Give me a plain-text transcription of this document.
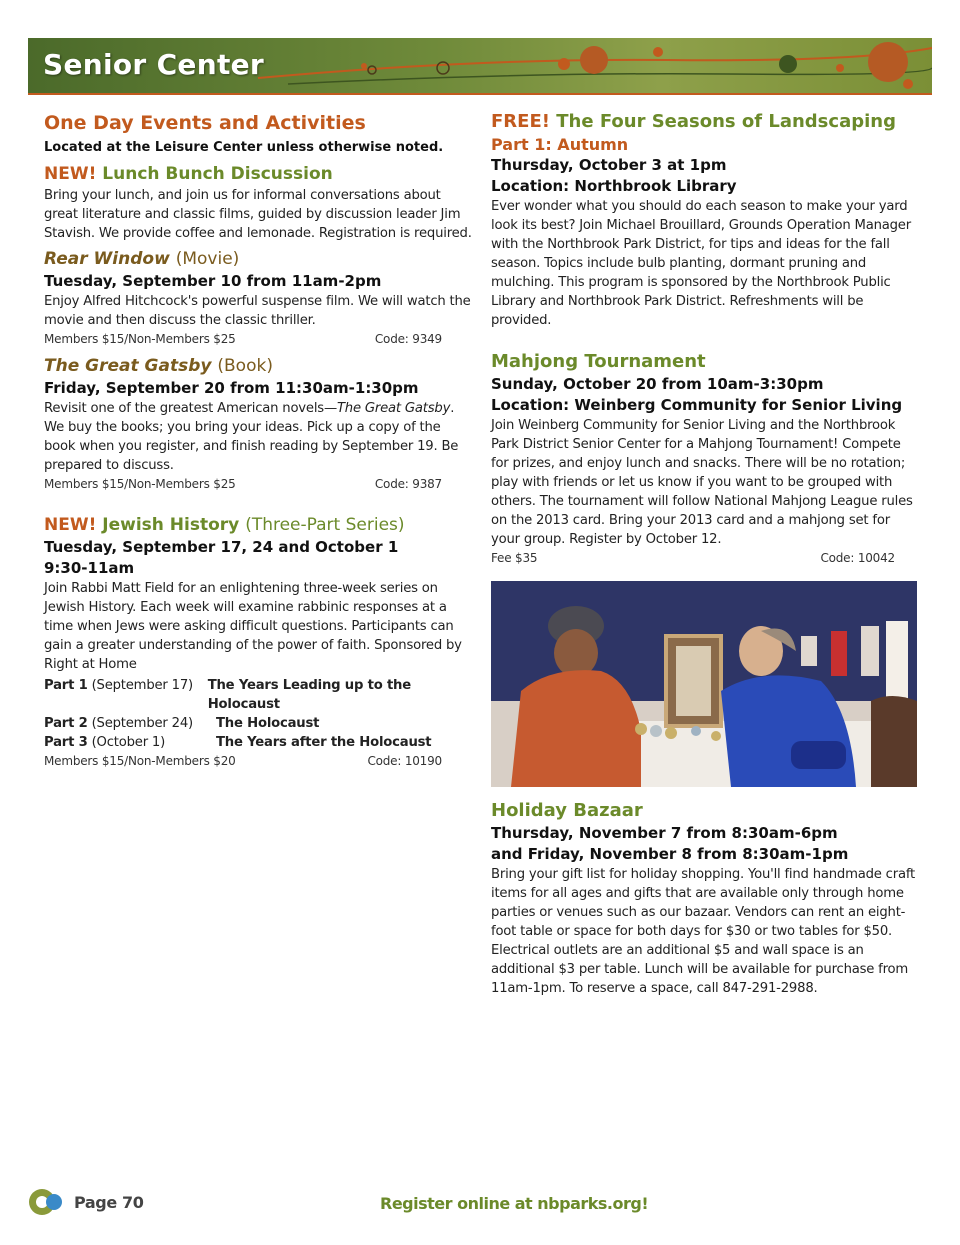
Senior Center
One Day Events and Activities
Located at the Leisure Center unless otherwise noted.
NEW! Lunch Bunch Discussion

Bring your lunch, and join us for informal conversations about great literature and classic films, guided by discussion leader Jim Stavish. We provide coffee and lemonade. Registration is required.

Rear Window (Movie)
Tuesday, September 10 from 11am-2pm

Enjoy Alfred Hitchcock's powerful suspense film. We will watch the movie and then discuss the classic thriller.

Members $15/Non-Members $25	Code: 9349
The Great Gatsby (Book)
Friday, September 20 from 11:30am-1:30pm

Revisit one of the greatest American novels—The Great Gatsby. We buy the books; you bring your ideas. Pick up a copy of the book when you register, and finish reading by September 19. Be prepared to discuss.

Members $15/Non-Members $25	Code: 9387
NEW! Jewish History (Three-Part Series)
Tuesday, September 17, 24 and October 1
9:30-11am

Join Rabbi Matt Field for an enlightening three-week series on Jewish History. Each week will examine rabbinic responses at a time when Jews were asking difficult questions. Participants can gain a greater understanding of the power of faith. Sponsored by Right at Home

Part 1 (September 17)	The Years Leading up to the Holocaust
Part 2 (September 24)	The Holocaust
Part 3 (October 1)	The Years after the Holocaust
Members $15/Non-Members $20	Code: 10190
FREE! The Four Seasons of Landscaping
Part 1: Autumn
Thursday, October 3 at 1pm
Location: Northbrook Library

Ever wonder what you should do each season to make your yard look its best? Join Michael Brouillard, Grounds Operation Manager with the Northbrook Park District, for tips and ideas for the fall season. Topics include bulb planting, dormant pruning and mulching. This program is sponsored by the Northbrook Public Library and Northbrook Park District. Refreshments will be provided.

Mahjong Tournament
Sunday, October 20 from 10am-3:30pm
Location: Weinberg Community for Senior Living

Join Weinberg Community for Senior Living and the Northbrook Park District Senior Center for a Mahjong Tournament! Compete for prizes, and enjoy lunch and snacks. There will be no rotation; play with friends or let us know if you want to be grouped with others. The tournament will follow National Mahjong League rules on the 2013 card. Bring your 2013 card and a mahjong set for your group. Register by October 12.

Fee $35	Code: 10042
Holiday Bazaar
Thursday, November 7 from 8:30am-6pm
and Friday, November 8 from 8:30am-1pm

Bring your gift list for holiday shopping. You'll find handmade craft items for all ages and gifts that are available only through home parties or venues such as our bazaar. Vendors can rent an eight-foot table or space for both days for $30 or two tables for $50. Electrical outlets are an additional $5 and wall space is an additional $3 per table. Lunch will be available for purchase from 11am-1pm. To reserve a space, call 847-291-2988.

Page 70	Register online at nbparks.org!
